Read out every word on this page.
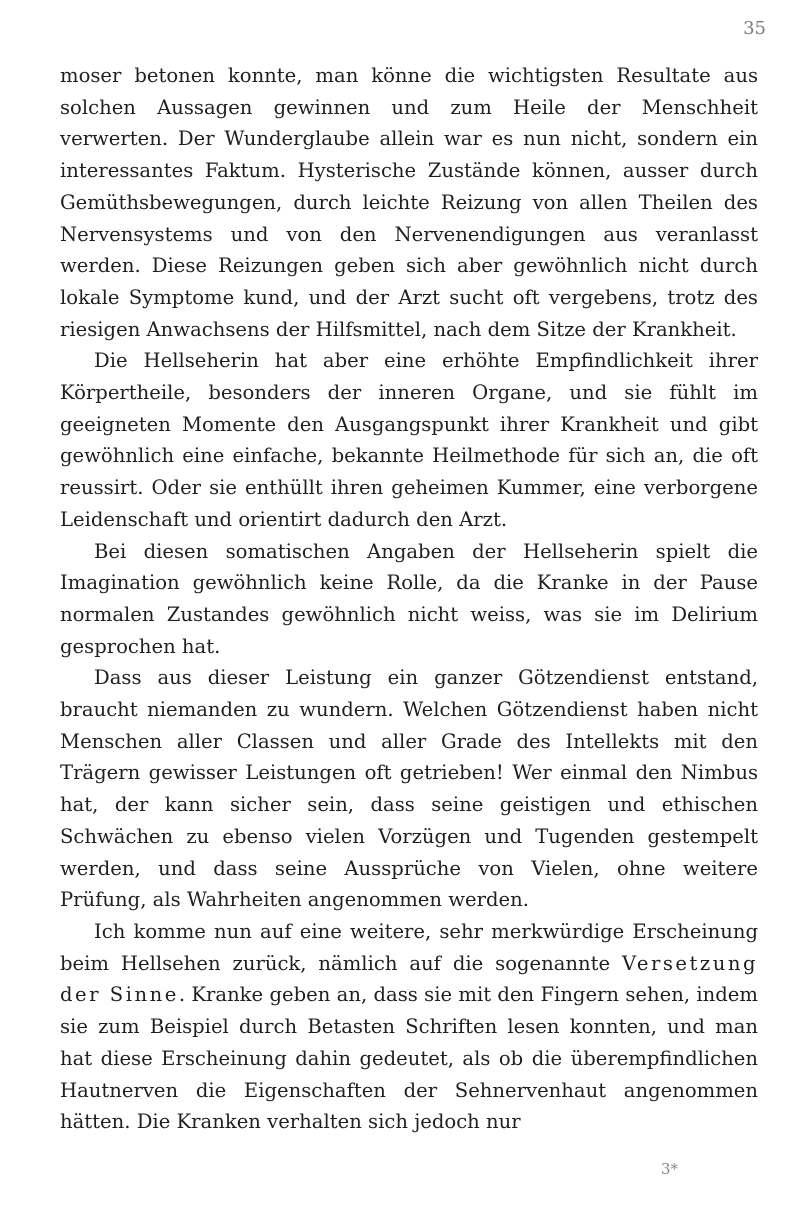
35

moser betonen konnte, man könne die wichtigsten Resultate aus solchen Aussagen gewinnen und zum Heile der Menschheit verwerten. Der Wunderglaube allein war es nun nicht, sondern ein interessantes Faktum. Hysterische Zustände können, ausser durch Gemüthsbewegungen, durch leichte Reizung von allen Theilen des Nervensystems und von den Nervenendigungen aus veranlasst werden. Diese Reizungen geben sich aber gewöhnlich nicht durch lokale Symptome kund, und der Arzt sucht oft vergebens, trotz des riesigen Anwachsens der Hilfsmittel, nach dem Sitze der Krankheit.

Die Hellseherin hat aber eine erhöhte Empfindlichkeit ihrer Körpertheile, besonders der inneren Organe, und sie fühlt im geeigneten Momente den Ausgangspunkt ihrer Krankheit und gibt gewöhnlich eine einfache, bekannte Heilmethode für sich an, die oft reussirt. Oder sie enthüllt ihren geheimen Kummer, eine verborgene Leidenschaft und orientirt dadurch den Arzt.

Bei diesen somatischen Angaben der Hellseherin spielt die Imagination gewöhnlich keine Rolle, da die Kranke in der Pause normalen Zustandes gewöhnlich nicht weiss, was sie im Delirium gesprochen hat.

Dass aus dieser Leistung ein ganzer Götzendienst entstand, braucht niemanden zu wundern. Welchen Götzendienst haben nicht Menschen aller Classen und aller Grade des Intellekts mit den Trägern gewisser Leistungen oft getrieben! Wer einmal den Nimbus hat, der kann sicher sein, dass seine geistigen und ethischen Schwächen zu ebenso vielen Vorzügen und Tugenden gestempelt werden, und dass seine Aussprüche von Vielen, ohne weitere Prüfung, als Wahrheiten angenommen werden.

Ich komme nun auf eine weitere, sehr merkwürdige Erscheinung beim Hellsehen zurück, nämlich auf die sogenannte Versetzung der Sinne. Kranke geben an, dass sie mit den Fingern sehen, indem sie zum Beispiel durch Betasten Schriften lesen konnten, und man hat diese Erscheinung dahin gedeutet, als ob die überempfindlichen Hautnerven die Eigenschaften der Sehnervenhaut angenommen hätten. Die Kranken verhalten sich jedoch nur

3*
